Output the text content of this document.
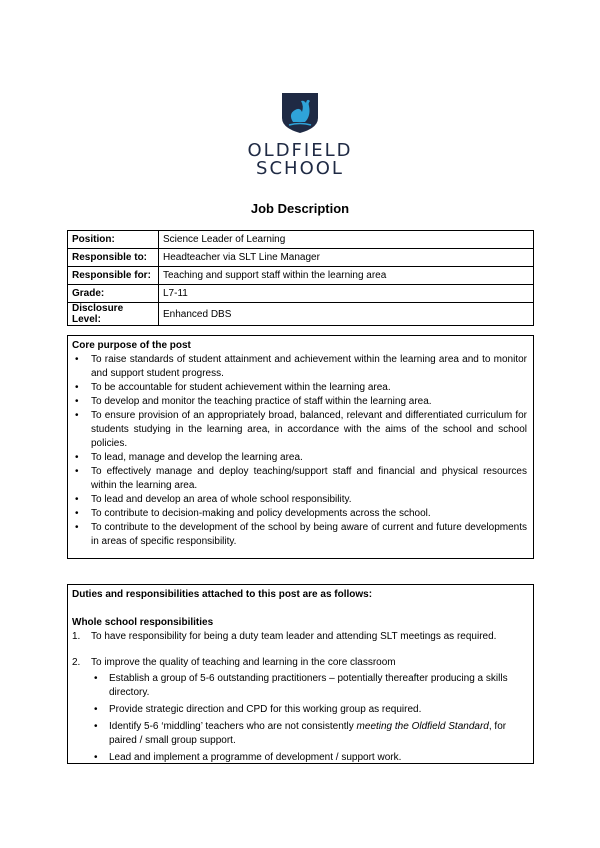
OLDFIELD
SCHOOL
Job Description
Position:	Science Leader of Learning
Responsible to:	Headteacher via SLT Line Manager
Responsible for:	Teaching and support staff within the learning area
Grade:	L7-11
Disclosure Level:	Enhanced DBS
Core purpose of the post
• To raise standards of student attainment and achievement within the learning area and to monitor and support student progress.
• To be accountable for student achievement within the learning area.
• To develop and monitor the teaching practice of staff within the learning area.
• To ensure provision of an appropriately broad, balanced, relevant and differentiated curriculum for students studying in the learning area, in accordance with the aims of the school and school policies.
• To lead, manage and develop the learning area.
• To effectively manage and deploy teaching/support staff and financial and physical resources within the learning area.
• To lead and develop an area of whole school responsibility.
• To contribute to decision-making and policy developments across the school.
• To contribute to the development of the school by being aware of current and future developments in areas of specific responsibility.
Duties and responsibilities attached to this post are as follows:
Whole school responsibilities
1. To have responsibility for being a duty team leader and attending SLT meetings as required.
2. To improve the quality of teaching and learning in the core classroom
• Establish a group of 5-6 outstanding practitioners – potentially thereafter producing a skills directory.
• Provide strategic direction and CPD for this working group as required.
• Identify 5-6 ‘middling’ teachers who are not consistently meeting the Oldfield Standard, for paired / small group support.
• Lead and implement a programme of development / support work.
